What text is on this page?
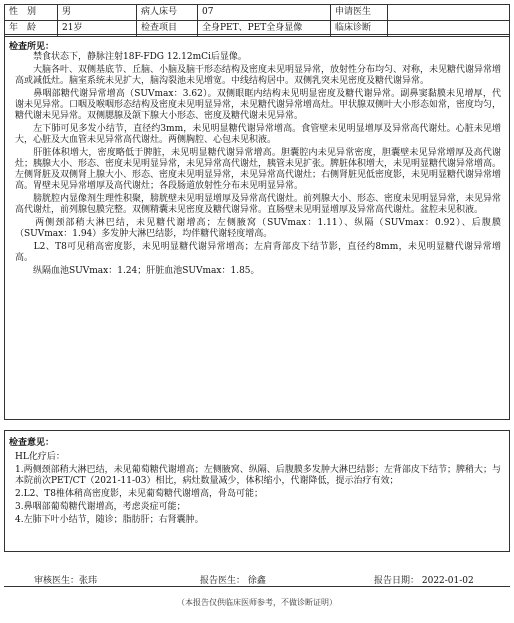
性　别	男	病人床号	07	申请医生	
年　龄	21岁	检查项目	全身PET、PET全身显像	临床诊断	
检查所见：

　　禁食状态下，静脉注射18F-FDG 12.12mCi后显像。

　　大脑各叶、双侧基底节、丘脑、小脑及脑干形态结构及密度未见明显异常，放射性分布均匀、对称，未见糖代谢异常增高或减低灶。脑室系统未见扩大，脑沟裂池未见增宽。中线结构居中。双侧乳突未见密度及糖代谢异常。

　　鼻咽部糖代谢异常增高（SUVmax：3.62）。双侧眼眶内结构未见明显密度及糖代谢异常。副鼻窦黏膜未见增厚，代谢未见异常。口咽及喉咽形态结构及密度未见明显异常，未见糖代谢异常增高灶。甲状腺双侧叶大小形态如常，密度均匀，糖代谢未见异常。双侧腮腺及颌下腺大小形态、密度及糖代谢未见异常。

　　左下肺可见多发小结节，直径约3mm，未见明显糖代谢异常增高。食管壁未见明显增厚及异常高代谢灶。心脏未见增大，心脏及大血管未见异常高代谢灶。两侧胸腔、心包未见积液。

　　肝脏体积增大，密度略低于脾脏，未见明显糖代谢异常增高。胆囊腔内未见异常密度，胆囊壁未见异常增厚及高代谢灶；胰腺大小、形态、密度未见明显异常，未见异常高代谢灶，胰管未见扩张。脾脏体积增大，未见明显糖代谢异常增高。左侧肾脏及双侧肾上腺大小、形态、密度未见明显异常，未见异常高代谢灶；右侧肾脏见低密度影，未见明显糖代谢异常增高。胃壁未见异常增厚及高代谢灶；各段肠道放射性分布未见明显异常。

　　膀胱腔内显像剂生理性积聚，膀胱壁未见明显增厚及异常高代谢灶。前列腺大小、形态、密度未见明显异常，未见异常高代谢灶，前列腺包膜完整。双侧精囊未见密度及糖代谢异常。直肠壁未见明显增厚及异常高代谢灶。盆腔未见积液。

　　两侧颈部稍大淋巴结，未见糖代谢增高；左侧腋窝（SUVmax：1.11）、纵隔（SUVmax：0.92）、后腹膜（SUVmax：1.94）多发肿大淋巴结影，均伴糖代谢轻度增高。

　　L2、T8可见稍高密度影，未见明显糖代谢异常增高；左肩背部皮下结节影，直径约8mm，未见明显糖代谢异常增高。

　　纵隔血池SUVmax：1.24；肝脏血池SUVmax：1.85。

检查意见：

HL化疗后：

1.两侧颈部稍大淋巴结，未见葡萄糖代谢增高；左侧腋窝、纵隔、后腹膜多发肿大淋巴结影；左背部皮下结节；脾稍大；与本院前次PET/CT（2021-11-03）相比，病灶数量减少，体积缩小，代谢降低，提示治疗有效；

2.L2、T8椎体稍高密度影，未见葡萄糖代谢增高，骨岛可能；

3.鼻咽部葡萄糖代谢增高，考虑炎症可能；

4.左肺下叶小结节，随诊；脂肪肝；右肾囊肿。

审核医生：张玮	报告医生： 徐鑫	报告日期： 2022-01-02
（本报告仅供临床医师参考，不做诊断证明）
